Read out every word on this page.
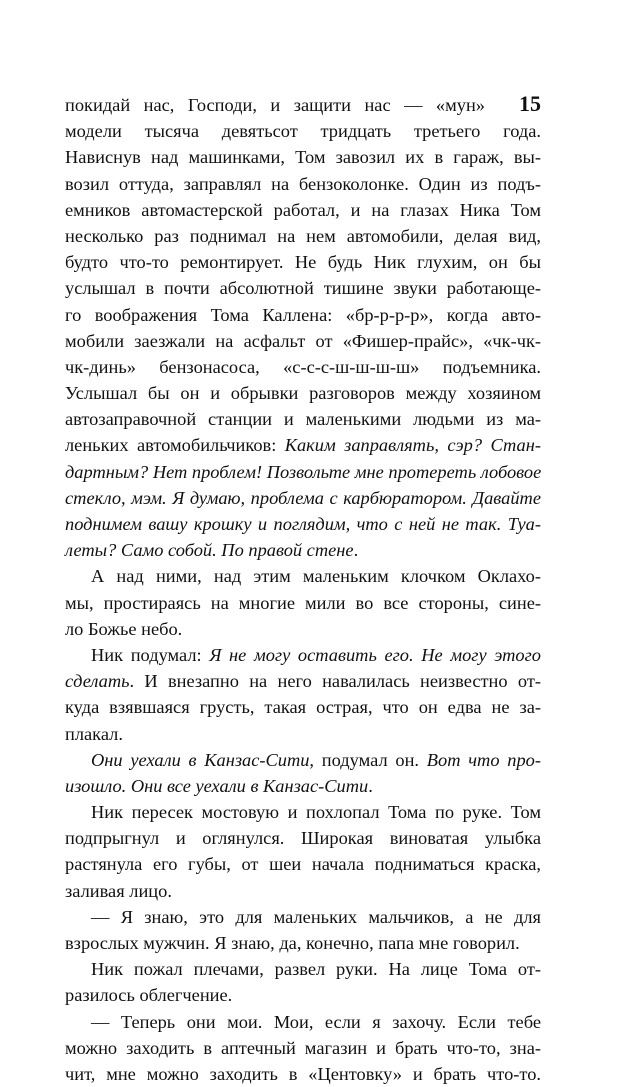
15
покидай нас, Господи, и защити нас — «мун»
модели тысяча девятьсот тридцать третьего года.
Нависнув над машинками, Том завозил их в гараж, вы-
возил оттуда, заправлял на бензоколонке. Один из подъ-
емников автомастерской работал, и на глазах Ника Том
несколько раз поднимал на нем автомобили, делая вид,
будто что-то ремонтирует. Не будь Ник глухим, он бы
услышал в почти абсолютной тишине звуки работающе-
го воображения Тома Каллена: «бр-р-р-р», когда авто-
мобили заезжали на асфальт от «Фишер-прайс», «чк-чк-
чк-динь» бензонасоса, «с-с-с-ш-ш-ш-ш» подъемника.
Услышал бы он и обрывки разговоров между хозяином
автозаправочной станции и маленькими людьми из ма-
леньких автомобильчиков: Каким заправлять, сэр? Стан-
дартным? Нет проблем! Позвольте мне протереть лобовое
стекло, мэм. Я думаю, проблема с карбюратором. Давайте
поднимем вашу крошку и поглядим, что с ней не так. Туа-
леты? Само собой. По правой стене.
А над ними, над этим маленьким клочком Оклахо-
мы, простираясь на многие мили во все стороны, сине-
ло Божье небо.
Ник подумал: Я не могу оставить его. Не могу этого
сделать. И внезапно на него навалилась неизвестно от-
куда взявшаяся грусть, такая острая, что он едва не за-
плакал.
Они уехали в Канзас-Сити, подумал он. Вот что про-
изошло. Они все уехали в Канзас-Сити.
Ник пересек мостовую и похлопал Тома по руке. Том
подпрыгнул и оглянулся. Широкая виноватая улыбка
растянула его губы, от шеи начала подниматься краска,
заливая лицо.
— Я знаю, это для маленьких мальчиков, а не для
взрослых мужчин. Я знаю, да, конечно, папа мне говорил.
Ник пожал плечами, развел руки. На лице Тома от-
разилось облегчение.
— Теперь они мои. Мои, если я захочу. Если тебе
можно заходить в аптечный магазин и брать что-то, зна-
чит, мне можно заходить в «Центовку» и брать что-то.
